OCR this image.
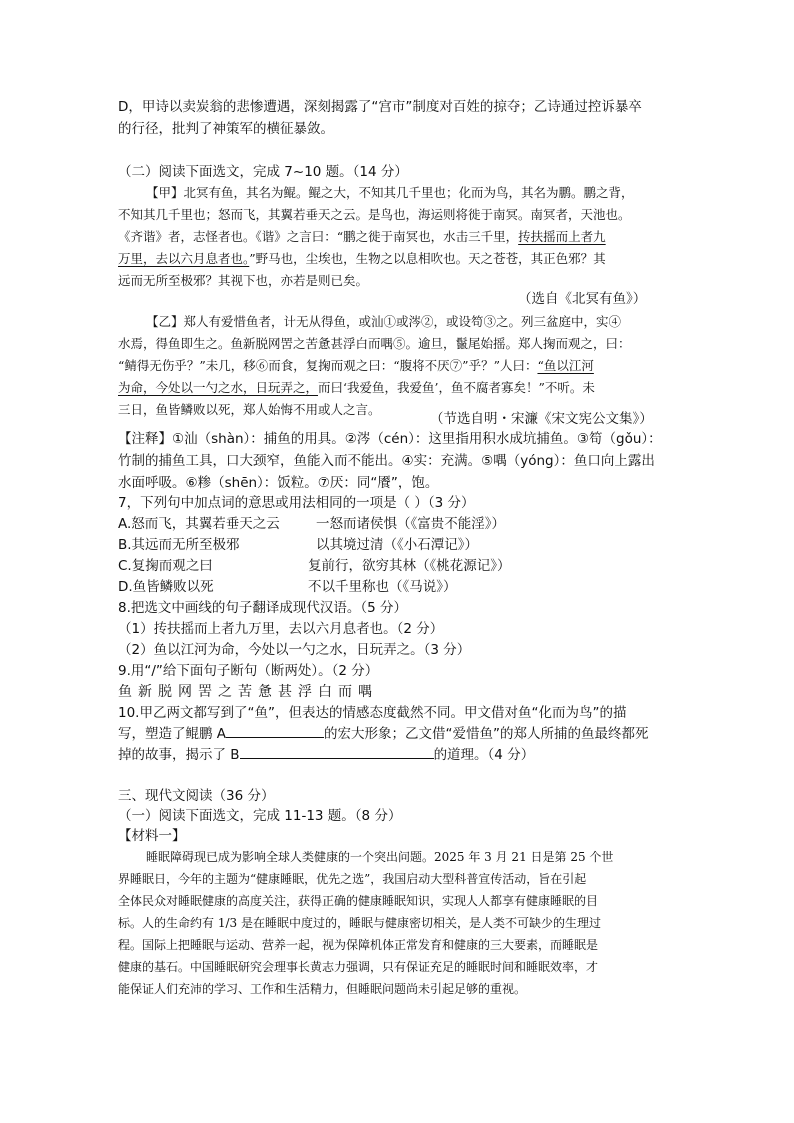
D，甲诗以卖炭翁的悲惨遭遇，深刻揭露了“宫市”制度对百姓的掠夺；乙诗通过控诉暴卒
的行径，批判了神策军的横征暴敛。
（二）阅读下面选文，完成 7~10 题。（14 分）
【甲】北冥有鱼，其名为鲲。鲲之大，不知其几千里也；化而为鸟，其名为鹏。鹏之背，
不知其几千里也；怒而飞，其翼若垂天之云。是鸟也，海运则将徙于南冥。南冥者，天池也。
《齐谐》者，志怪者也。《谐》之言曰：“鹏之徙于南冥也，水击三千里，抟扶摇而上者九
万里，去以六月息者也。”野马也，尘埃也，生物之以息相吹也。天之苍苍，其正色邪？其
远而无所至极邪？其视下也，亦若是则已矣。
（选自《北冥有鱼》）
【乙】郑人有爱惜鱼者，计无从得鱼，或汕①或涔②，或设笱③之。列三盆庭中，实④
水焉，得鱼即生之。鱼新脱网罟之苦惫甚浮白而喁⑤。逾旦，鬣尾始摇。郑人掬而观之，曰：
“鲭得无伤乎？”未几，移⑥而食，复掬而观之曰：“腹将不厌⑦”乎？”人曰：“鱼以江河
为命，今处以一勺之水，日玩弄之，而曰‘我爱鱼，我爱鱼’，鱼不腐者寡矣！”不听。未
三日，鱼皆鳞败以死，郑人始悔不用或人之言。
（节选自明・宋濂《宋文宪公文集》）
【注释】①汕（shàn）：捕鱼的用具。②涔（cén）：这里指用积水成坑捕鱼。③笱（gǒu）：
竹制的捕鱼工具，口大颈窄，鱼能入而不能出。④实：充满。⑤喁（yóng）：鱼口向上露出
水面呼吸。⑥糁（shēn）：饭粒。⑦厌：同“餍”，饱。
7，下列句中加点词的意思或用法相同的一项是（ ）（3 分）
A.怒而飞，其翼若垂天之云	一怒而诸侯惧（《富贵不能淫》）
B.其远而无所至极邪	以其境过清（《小石潭记》）
C.复掬而观之曰	复前行，欲穷其林（《桃花源记》）
D.鱼皆鳞败以死	不以千里称也（《马说》）
8.把选文中画线的句子翻译成现代汉语。（5 分）
（1）抟扶摇而上者九万里，去以六月息者也。（2 分）
（2）鱼以江河为命，今处以一勺之水，日玩弄之。（3 分）
9.用“/”给下面句子断句（断两处）。（2 分）
鱼新脱网罟之苦惫甚浮白而喁
10.甲乙两文都写到了“鱼”，但表达的情感态度截然不同。甲文借对鱼“化而为鸟”的描
写，塑造了鲲鹏 A	的宏大形象；乙文借“爱惜鱼”的郑人所捕的鱼最终都死
掉的故事，揭示了 B	的道理。（4 分）
三、现代文阅读（36 分）
（一）阅读下面选文，完成 11-13 题。（8 分）
【材料一】
睡眠障碍现已成为影响全球人类健康的一个突出问题。2025 年 3 月 21 日是第 25 个世
界睡眠日，今年的主题为“健康睡眠，优先之选”，我国启动大型科普宣传活动，旨在引起
全体民众对睡眠健康的高度关注，获得正确的健康睡眠知识，实现人人都享有健康睡眠的目
标。人的生命约有 1/3 是在睡眠中度过的，睡眠与健康密切相关，是人类不可缺少的生理过
程。国际上把睡眠与运动、营养一起，视为保障机体正常发育和健康的三大要素，而睡眠是
健康的基石。中国睡眠研究会理事长黄志力强调，只有保证充足的睡眠时间和睡眠效率，才
能保证人们充沛的学习、工作和生活精力，但睡眠问题尚未引起足够的重视。
